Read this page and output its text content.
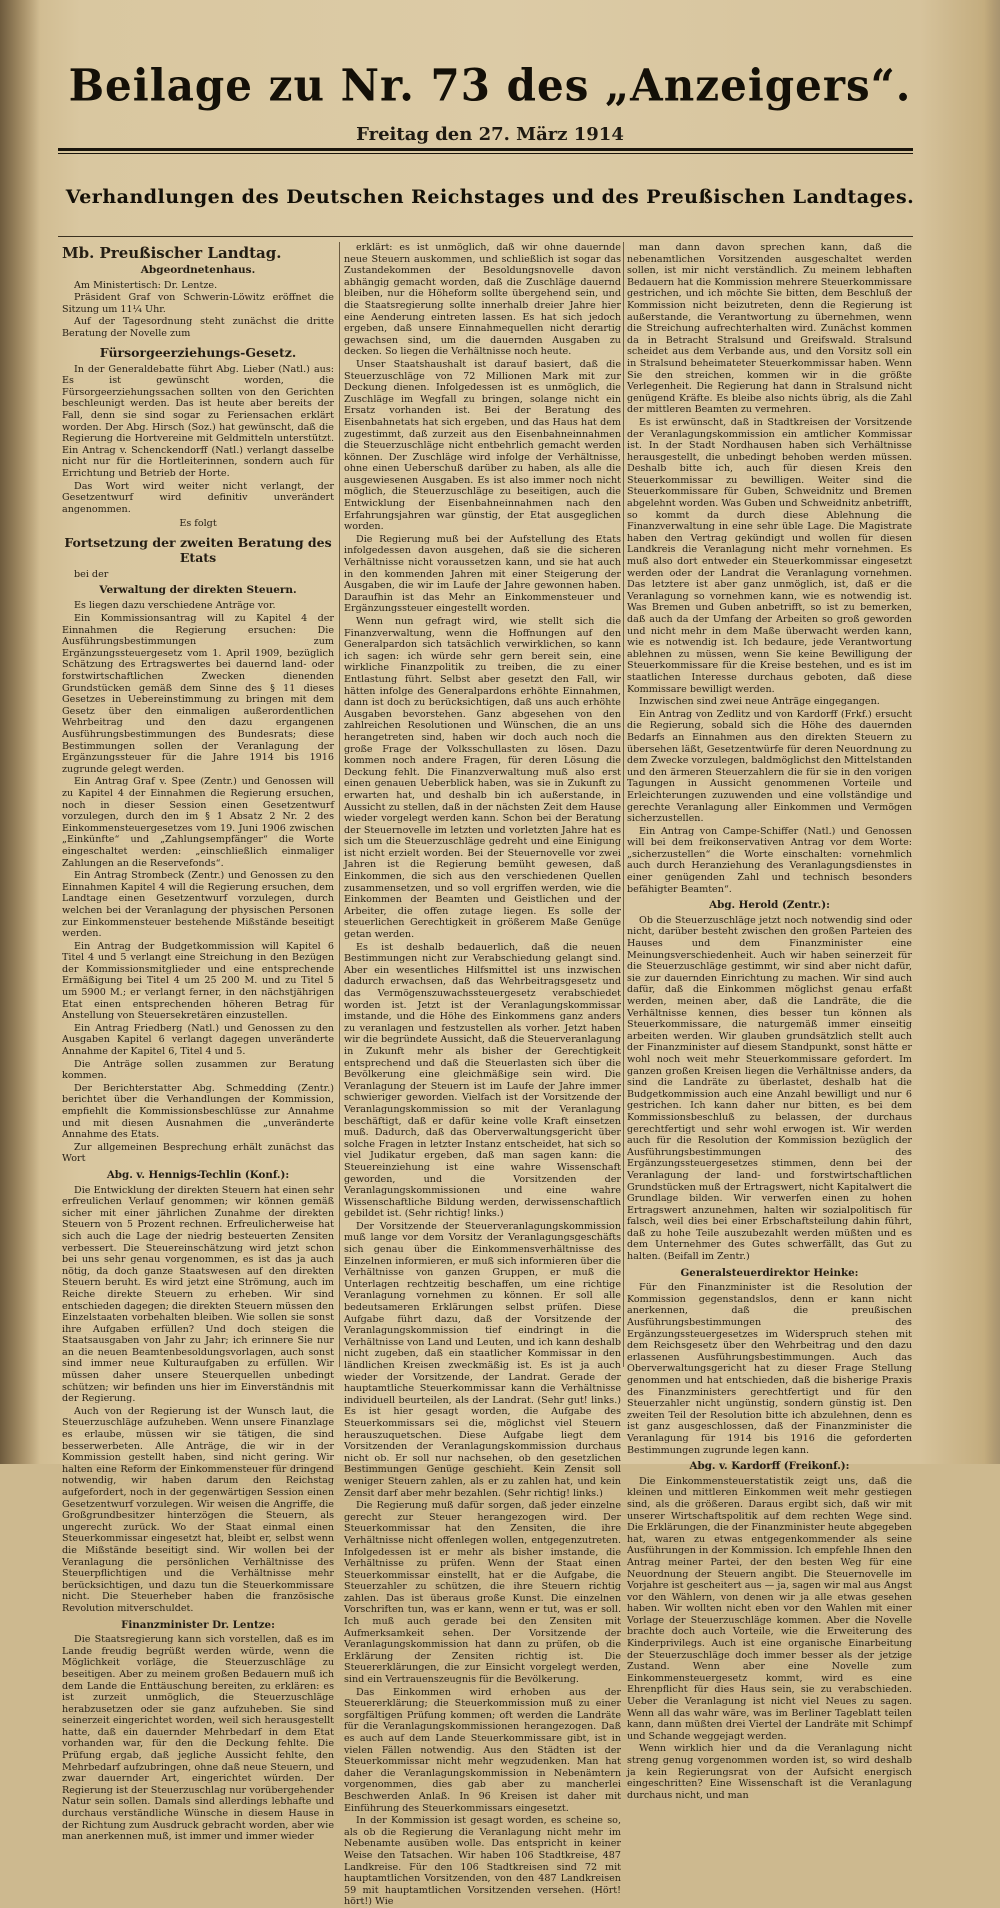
Beilage zu Nr. 73 des „Anzeigers“.
Freitag den 27. März 1914
Verhandlungen des Deutschen Reichstages und des Preußischen Landtages.
Mb. Preußischer Landtag.
Abgeordnetenhaus.

Am Ministertisch: Dr. Lentze.

Präsident Graf von Schwerin-Löwitz eröffnet die Sitzung um 11¼ Uhr.

Auf der Tagesordnung steht zunächst die dritte Beratung der Novelle zum

Fürsorgeerziehungs-Gesetz.

In der Generaldebatte führt Abg. Lieber (Natl.) aus: Es ist gewünscht worden, die Fürsorgeerziehungssachen sollten von den Gerichten beschleunigt werden. Das ist heute aber bereits der Fall, denn sie sind sogar zu Feriensachen erklärt worden. Der Abg. Hirsch (Soz.) hat gewünscht, daß die Regierung die Hortvereine mit Geldmitteln unterstützt. Ein Antrag v. Schenckendorff (Natl.) verlangt dasselbe nicht nur für die Hortleiterinnen, sondern auch für Errichtung und Betrieb der Horte.

Das Wort wird weiter nicht verlangt, der Gesetzentwurf wird definitiv unverändert angenommen.

Es folgt

Fortsetzung der zweiten Beratung des Etats

bei der

Verwaltung der direkten Steuern.

Es liegen dazu verschiedene Anträge vor.

Ein Kommissionsantrag will zu Kapitel 4 der Einnahmen die Regierung ersuchen: Die Ausführungsbestimmungen zum Ergänzungssteuergesetz vom 1. April 1909, bezüglich Schätzung des Ertragswertes bei dauernd land- oder forstwirtschaftlichen Zwecken dienenden Grundstücken gemäß dem Sinne des § 11 dieses Gesetzes in Uebereinstimmung zu bringen mit dem Gesetz über den einmaligen außerordentlichen Wehrbeitrag und den dazu ergangenen Ausführungsbestimmungen des Bundesrats; diese Bestimmungen sollen der Veranlagung der Ergänzungssteuer für die Jahre 1914 bis 1916 zugrunde gelegt werden.

Ein Antrag Graf v. Spee (Zentr.) und Genossen will zu Kapitel 4 der Einnahmen die Regierung ersuchen, noch in dieser Session einen Gesetzentwurf vorzulegen, durch den im § 1 Absatz 2 Nr. 2 des Einkommensteuergesetzes vom 19. Juni 1906 zwischen „Einkünfte“ und „Zahlungsempfänger“ die Worte eingeschaltet werden: „einschließlich einmaliger Zahlungen an die Reservefonds“.

Ein Antrag Strombeck (Zentr.) und Genossen zu den Einnahmen Kapitel 4 will die Regierung ersuchen, dem Landtage einen Gesetzentwurf vorzulegen, durch welchen bei der Veranlagung der physischen Personen zur Einkommensteuer bestehende Mißstände beseitigt werden.

Ein Antrag der Budgetkommission will Kapitel 6 Titel 4 und 5 verlangt eine Streichung in den Bezügen der Kommissionsmitglieder und eine entsprechende Ermäßigung bei Titel 4 um 25 200 M. und zu Titel 5 um 5900 M.; er verlangt ferner, in den nächstjährigen Etat einen entsprechenden höheren Betrag für Anstellung von Steuersekretären einzustellen.

Ein Antrag Friedberg (Natl.) und Genossen zu den Ausgaben Kapitel 6 verlangt dagegen unveränderte Annahme der Kapitel 6, Titel 4 und 5.

Die Anträge sollen zusammen zur Beratung kommen.

Der Berichterstatter Abg. Schmedding (Zentr.) berichtet über die Verhandlungen der Kommission, empfiehlt die Kommissionsbeschlüsse zur Annahme und mit diesen Ausnahmen die „unveränderte Annahme des Etats.

Zur allgemeinen Besprechung erhält zunächst das Wort

Abg. v. Hennigs-Techlin (Konf.):

Die Entwicklung der direkten Steuern hat einen sehr erfreulichen Verlauf genommen; wir können gemäß sicher mit einer jährlichen Zunahme der direkten Steuern von 5 Prozent rechnen. Erfreulicherweise hat sich auch die Lage der niedrig besteuerten Zensiten verbessert. Die Steuereinschätzung wird jetzt schon bei uns sehr genau vorgenommen, es ist das ja auch nötig, da doch ganze Staatswesen auf den direkten Steuern beruht. Es wird jetzt eine Strömung, auch im Reiche direkte Steuern zu erheben. Wir sind entschieden dagegen; die direkten Steuern müssen den Einzelstaaten vorbehalten bleiben. Wie sollen sie sonst ihre Aufgaben erfüllen? Und doch steigen die Staatsausgaben von Jahr zu Jahr; ich erinnere Sie nur an die neuen Beamtenbesoldungsvorlagen, auch sonst sind immer neue Kulturaufgaben zu erfüllen. Wir müssen daher unsere Steuerquellen unbedingt schützen; wir befinden uns hier im Einverständnis mit der Regierung.

Auch von der Regierung ist der Wunsch laut, die Steuerzuschläge aufzuheben. Wenn unsere Finanzlage es erlaube, müssen wir sie tätigen, die sind besserwerbeten. Alle Anträge, die wir in der Kommission gestellt haben, sind nicht gering. Wir halten eine Reform der Einkommensteuer für dringend notwendig, wir haben darum den Reichstag aufgefordert, noch in der gegenwärtigen Session einen Gesetzentwurf vorzulegen. Wir weisen die Angriffe, die Großgrundbesitzer hinterzögen die Steuern, als ungerecht zurück. Wo der Staat einmal einen Steuerkommissar eingesetzt hat, bleibt er, selbst wenn die Mißstände beseitigt sind. Wir wollen bei der Veranlagung die persönlichen Verhältnisse des Steuerpflichtigen und die Verhältnisse mehr berücksichtigen, und dazu tun die Steuerkommissare nicht. Die Steuerheber haben die französische Revolution mitverschuldet.

Finanzminister Dr. Lentze:

Die Staatsregierung kann sich vorstellen, daß es im Lande freudig begrüßt werden würde, wenn die Möglichkeit vorläge, die Steuerzuschläge zu beseitigen. Aber zu meinem großen Bedauern muß ich dem Lande die Enttäuschung bereiten, zu erklären: es ist zurzeit unmöglich, die Steuerzuschläge herabzusetzen oder sie ganz aufzuheben. Sie sind seinerzeit eingerichtet worden, weil sich herausgestellt hatte, daß ein dauernder Mehrbedarf in dem Etat vorhanden war, für den die Deckung fehlte. Die Prüfung ergab, daß jegliche Aussicht fehlte, den Mehrbedarf aufzubringen, ohne daß neue Steuern, und zwar dauernder Art, eingerichtet würden. Der Regierung ist der Steuerzuschlag nur vorübergehender Natur sein sollen. Damals sind allerdings lebhafte und durchaus verständliche Wünsche in diesem Hause in der Richtung zum Ausdruck gebracht worden, aber wie man anerkennen muß, ist immer und immer wieder

erklärt: es ist unmöglich, daß wir ohne dauernde neue Steuern auskommen, und schließlich ist sogar das Zustandekommen der Besoldungsnovelle davon abhängig gemacht worden, daß die Zuschläge dauernd bleiben, nur die Höheform sollte übergehend sein, und die Staatsregierung sollte innerhalb dreier Jahre hier eine Aenderung eintreten lassen. Es hat sich jedoch ergeben, daß unsere Einnahmequellen nicht derartig gewachsen sind, um die dauernden Ausgaben zu decken. So liegen die Verhältnisse noch heute.

Unser Staatshaushalt ist darauf basiert, daß die Steuerzuschläge von 72 Millionen Mark mit zur Deckung dienen. Infolgedessen ist es unmöglich, die Zuschläge im Wegfall zu bringen, solange nicht ein Ersatz vorhanden ist. Bei der Beratung des Eisenbahnetats hat sich ergeben, und das Haus hat dem zugestimmt, daß zurzeit aus den Eisenbahneinnahmen die Steuerzuschläge nicht entbehrlich gemacht werden können. Der Zuschläge wird infolge der Verhältnisse, ohne einen Ueberschuß darüber zu haben, als alle die ausgewiesenen Ausgaben. Es ist also immer noch nicht möglich, die Steuerzuschläge zu beseitigen, auch die Entwicklung der Eisenbahneinnahmen nach den Erfahrungsjahren war günstig, der Etat ausgeglichen worden.

Die Regierung muß bei der Aufstellung des Etats infolgedessen davon ausgehen, daß sie die sicheren Verhältnisse nicht voraussetzen kann, und sie hat auch in den kommenden Jahren mit einer Steigerung der Ausgaben, die wir im Laufe der Jahre gewonnen haben. Daraufhin ist das Mehr an Einkommensteuer und Ergänzungssteuer eingestellt worden.

Wenn nun gefragt wird, wie stellt sich die Finanzverwaltung, wenn die Hoffnungen auf den Generalpardon sich tatsächlich verwirklichen, so kann ich sagen: ich würde sehr gern bereit sein, eine wirkliche Finanzpolitik zu treiben, die zu einer Entlastung führt. Selbst aber gesetzt den Fall, wir hätten infolge des Generalpardons erhöhte Einnahmen, dann ist doch zu berücksichtigen, daß uns auch erhöhte Ausgaben bevorstehen. Ganz abgesehen von den zahlreichen Resolutionen und Wünschen, die an uns herangetreten sind, haben wir doch auch noch die große Frage der Volksschullasten zu lösen. Dazu kommen noch andere Fragen, für deren Lösung die Deckung fehlt. Die Finanzverwaltung muß also erst einen genauen Ueberblick haben, was sie in Zukunft zu erwarten hat, und deshalb bin ich außerstande, in Aussicht zu stellen, daß in der nächsten Zeit dem Hause wieder vorgelegt werden kann. Schon bei der Beratung der Steuernovelle im letzten und vorletzten Jahre hat es sich um die Steuerzuschläge gedreht und eine Einigung ist nicht erzielt worden. Bei der Steuernovelle vor zwei Jahren ist die Regierung bemüht gewesen, daß Einkommen, die sich aus den verschiedenen Quellen zusammensetzen, und so voll ergriffen werden, wie die Einkommen der Beamten und Geistlichen und der Arbeiter, die offen zutage liegen. Es solle der steuerlichen Gerechtigkeit in größerem Maße Genüge getan werden.

Es ist deshalb bedauerlich, daß die neuen Bestimmungen nicht zur Verabschiedung gelangt sind. Aber ein wesentliches Hilfsmittel ist uns inzwischen dadurch erwachsen, daß das Wehrbeitragsgesetz und das Vermögenszuwachssteuergesetz verabschiedet worden ist. Jetzt ist der Veranlagungskommissar imstande, und die Höhe des Einkommens ganz anders zu veranlagen und festzustellen als vorher. Jetzt haben wir die begründete Aussicht, daß die Steuerveranlagung in Zukunft mehr als bisher der Gerechtigkeit entsprechend und daß die Steuerlasten sich über die Bevölkerung eine gleichmäßige sein wird. Die Veranlagung der Steuern ist im Laufe der Jahre immer schwieriger geworden. Vielfach ist der Vorsitzende der Veranlagungskommission so mit der Veranlagung beschäftigt, daß er dafür keine volle Kraft einsetzen muß. Dadurch, daß das Oberverwaltungsgericht über solche Fragen in letzter Instanz entscheidet, hat sich so viel Judikatur ergeben, daß man sagen kann: die Steuereinziehung ist eine wahre Wissenschaft geworden, und die Vorsitzenden der Veranlagungskommissionen und eine wahre Wissenschaftliche Bildung werden, derwissenschaftlich gebildet ist. (Sehr richtig! links.)

Der Vorsitzende der Steuerveranlagungskommission muß lange vor dem Vorsitz der Veranlagungsgeschäfts sich genau über die Einkommensverhältnisse des Einzelnen informieren, er muß sich informieren über die Verhältnisse von ganzen Gruppen, er muß die Unterlagen rechtzeitig beschaffen, um eine richtige Veranlagung vornehmen zu können. Er soll alle bedeutsameren Erklärungen selbst prüfen. Diese Aufgabe führt dazu, daß der Vorsitzende der Veranlagungskommission tief eindringt in die Verhältnisse von Land und Leuten, und ich kann deshalb nicht zugeben, daß ein staatlicher Kommissar in den ländlichen Kreisen zweckmäßig ist. Es ist ja auch wieder der Vorsitzende, der Landrat. Gerade der hauptamtliche Steuerkommissar kann die Verhältnisse individuell beurteilen, als der Landrat. (Sehr gut! links.) Es ist hier gesagt worden, die Aufgabe des Steuerkommissars sei die, möglichst viel Steuern herauszuquetschen. Diese Aufgabe liegt dem Vorsitzenden der Veranlagungskommission durchaus nicht ob. Er soll nur nachsehen, ob den gesetzlichen Bestimmungen Genüge geschieht. Kein Zensit soll weniger Steuern zahlen, als er zu zahlen hat, und kein Zensit darf aber mehr bezahlen. (Sehr richtig! links.)

Die Regierung muß dafür sorgen, daß jeder einzelne gerecht zur Steuer herangezogen wird. Der Steuerkommissar hat den Zensiten, die ihre Verhältnisse nicht offenlegen wollen, entgegenzutreten. Infolgedessen ist er mehr als bisher imstande, die Verhältnisse zu prüfen. Wenn der Staat einen Steuerkommissar einstellt, hat er die Aufgabe, die Steuerzahler zu schützen, die ihre Steuern richtig zahlen. Das ist überaus große Kunst. Die einzelnen Vorschriften tun, was er kann, wenn er tut, was er soll. Ich muß auch gerade bei den Zensiten mit Aufmerksamkeit sehen. Der Vorsitzende der Veranlagungskommission hat dann zu prüfen, ob die Erklärung der Zensiten richtig ist. Die Steuererklärungen, die zur Einsicht vorgelegt werden, sind ein Vertrauenszeugnis für die Bevölkerung.

Das Einkommen wird erhoben aus der Steuererklärung; die Steuerkommission muß zu einer sorgfältigen Prüfung kommen; oft werden die Landräte für die Veranlagungskommissionen herangezogen. Daß es auch auf dem Lande Steuerkommissare gibt, ist in vielen Fällen notwendig. Aus den Städten ist der Steuerkommissar nicht mehr wegzudenken. Man hat daher die Veranlagungskommission in Nebenämtern vorgenommen, dies gab aber zu mancherlei Beschwerden Anlaß. In 96 Kreisen ist daher mit Einführung des Steuerkommissars eingesetzt.

In der Kommission ist gesagt worden, es scheine so, als ob die Regierung die Veranlagung nicht mehr im Nebenamte ausüben wolle. Das entspricht in keiner Weise den Tatsachen. Wir haben 106 Stadtkreise, 487 Landkreise. Für den 106 Stadtkreisen sind 72 mit hauptamtlichen Vorsitzenden, von den 487 Landkreisen 59 mit hauptamtlichen Vorsitzenden versehen. (Hört! hört!) Wie

man dann davon sprechen kann, daß die nebenamtlichen Vorsitzenden ausgeschaltet werden sollen, ist mir nicht verständlich. Zu meinem lebhaften Bedauern hat die Kommission mehrere Steuerkommissare gestrichen, und ich möchte Sie bitten, dem Beschluß der Kommission nicht beizutreten, denn die Regierung ist außerstande, die Verantwortung zu übernehmen, wenn die Streichung aufrechterhalten wird. Zunächst kommen da in Betracht Stralsund und Greifswald. Stralsund scheidet aus dem Verbande aus, und den Vorsitz soll ein in Stralsund beheimateter Steuerkommissar haben. Wenn Sie den streichen, kommen wir in die größte Verlegenheit. Die Regierung hat dann in Stralsund nicht genügend Kräfte. Es bleibe also nichts übrig, als die Zahl der mittleren Beamten zu vermehren.

Es ist erwünscht, daß in Stadtkreisen der Vorsitzende der Veranlagungskommission ein amtlicher Kommissar ist. In der Stadt Nordhausen haben sich Verhältnisse herausgestellt, die unbedingt behoben werden müssen. Deshalb bitte ich, auch für diesen Kreis den Steuerkommissar zu bewilligen. Weiter sind die Steuerkommissare für Guben, Schweidnitz und Bremen abgelehnt worden. Was Guben und Schweidnitz anbetrifft, so kommt da durch diese Ablehnung die Finanzverwaltung in eine sehr üble Lage. Die Magistrate haben den Vertrag gekündigt und wollen für diesen Landkreis die Veranlagung nicht mehr vornehmen. Es muß also dort entweder ein Steuerkommissar eingesetzt werden oder der Landrat die Veranlagung vornehmen. Das letztere ist aber ganz unmöglich, ist, daß er die Veranlagung so vornehmen kann, wie es notwendig ist. Was Bremen und Guben anbetrifft, so ist zu bemerken, daß auch da der Umfang der Arbeiten so groß geworden und nicht mehr in dem Maße überwacht werden kann, wie es notwendig ist. Ich bedaure, jede Verantwortung ablehnen zu müssen, wenn Sie keine Bewilligung der Steuerkommissare für die Kreise bestehen, und es ist im staatlichen Interesse durchaus geboten, daß diese Kommissare bewilligt werden.

Inzwischen sind zwei neue Anträge eingegangen.

Ein Antrag von Zedlitz und von Kardorff (Frkf.) ersucht die Regierung, sobald sich die Höhe des dauernden Bedarfs an Einnahmen aus den direkten Steuern zu übersehen läßt, Gesetzentwürfe für deren Neuordnung zu dem Zwecke vorzulegen, baldmöglichst den Mittelstanden und den ärmeren Steuerzahlern die für sie in den vorigen Tagungen in Aussicht genommenen Vorteile und Erleichterungen zuzuwenden und eine vollständige und gerechte Veranlagung aller Einkommen und Vermögen sicherzustellen.

Ein Antrag von Campe-Schiffer (Natl.) und Genossen will bei dem freikonservativen Antrag vor dem Worte: „sicherzustellen“ die Worte einschalten: vornehmlich auch durch Heranziehung des Veranlagungsdienstes in einer genügenden Zahl und technisch besonders befähigter Beamten“.

Abg. Herold (Zentr.):

Ob die Steuerzuschläge jetzt noch notwendig sind oder nicht, darüber besteht zwischen den großen Parteien des Hauses und dem Finanzminister eine Meinungsverschiedenheit. Auch wir haben seinerzeit für die Steuerzuschläge gestimmt, wir sind aber nicht dafür, sie zur dauernden Einrichtung zu machen. Wir sind auch dafür, daß die Einkommen möglichst genau erfaßt werden, meinen aber, daß die Landräte, die die Verhältnisse kennen, dies besser tun können als Steuerkommissare, die naturgemäß immer einseitig arbeiten werden. Wir glauben grundsätzlich stellt auch der Finanzminister auf diesem Standpunkt, sonst hätte er wohl noch weit mehr Steuerkommissare gefordert. Im ganzen großen Kreisen liegen die Verhältnisse anders, da sind die Landräte zu überlastet, deshalb hat die Budgetkommission auch eine Anzahl bewilligt und nur 6 gestrichen. Ich kann daher nur bitten, es bei dem Kommissionsbeschluß zu belassen, der durchaus gerechtfertigt und sehr wohl erwogen ist. Wir werden auch für die Resolution der Kommission bezüglich der Ausführungsbestimmungen des Ergänzungssteuergesetzes stimmen, denn bei der Veranlagung der land- und forstwirtschaftlichen Grundstücken muß der Ertragswert, nicht Kapitalwert die Grundlage bilden. Wir verwerfen einen zu hohen Ertragswert anzunehmen, halten wir sozialpolitisch für falsch, weil dies bei einer Erbschaftsteilung dahin führt, daß zu hohe Teile auszubezahlt werden müßten und es dem Unternehmer des Gutes schwerfällt, das Gut zu halten. (Beifall im Zentr.)

Generalsteuerdirektor Heinke:

Für den Finanzminister ist die Resolution der Kommission gegenstandslos, denn er kann nicht anerkennen, daß die preußischen Ausführungsbestimmungen des Ergänzungssteuergesetzes im Widerspruch stehen mit dem Reichsgesetz über den Wehrbeitrag und den dazu erlassenen Ausführungsbestimmungen. Auch das Oberverwaltungsgericht hat zu dieser Frage Stellung genommen und hat entschieden, daß die bisherige Praxis des Finanzministers gerechtfertigt und für den Steuerzahler nicht ungünstig, sondern günstig ist. Den zweiten Teil der Resolution bitte ich abzulehnen, denn es ist ganz ausgeschlossen, daß der Finanzminister die Veranlagung für 1914 bis 1916 die geforderten Bestimmungen zugrunde legen kann.

Abg. v. Kardorff (Freikonf.):

Die Einkommensteuerstatistik zeigt uns, daß die kleinen und mittleren Einkommen weit mehr gestiegen sind, als die größeren. Daraus ergibt sich, daß wir mit unserer Wirtschaftspolitik auf dem rechten Wege sind. Die Erklärungen, die der Finanzminister heute abgegeben hat, waren zu etwas entgegenkommender als seine Ausführungen in der Kommission. Ich empfehle Ihnen den Antrag meiner Partei, der den besten Weg für eine Neuordnung der Steuern angibt. Die Steuernovelle im Vorjahre ist gescheitert aus — ja, sagen wir mal aus Angst vor den Wählern, von denen wir ja alle etwas gesehen haben. Wir wollten nicht eben vor den Wahlen mit einer Vorlage der Steuerzuschläge kommen. Aber die Novelle brachte doch auch Vorteile, wie die Erweiterung des Kinderprivilegs. Auch ist eine organische Einarbeitung der Steuerzuschläge doch immer besser als der jetzige Zustand. Wenn aber eine Novelle zum Einkommensteuergesetz kommt, wird es eine Ehrenpflicht für dies Haus sein, sie zu verabschieden. Ueber die Veranlagung ist nicht viel Neues zu sagen. Wenn all das wahr wäre, was im Berliner Tageblatt teilen kann, dann müßten drei Viertel der Landräte mit Schimpf und Schande weggejagt werden.

Wenn wirklich hier und da die Veranlagung nicht streng genug vorgenommen worden ist, so wird deshalb ja kein Regierungsrat von der Aufsicht energisch eingeschritten? Eine Wissenschaft ist die Veranlagung durchaus nicht, und man
